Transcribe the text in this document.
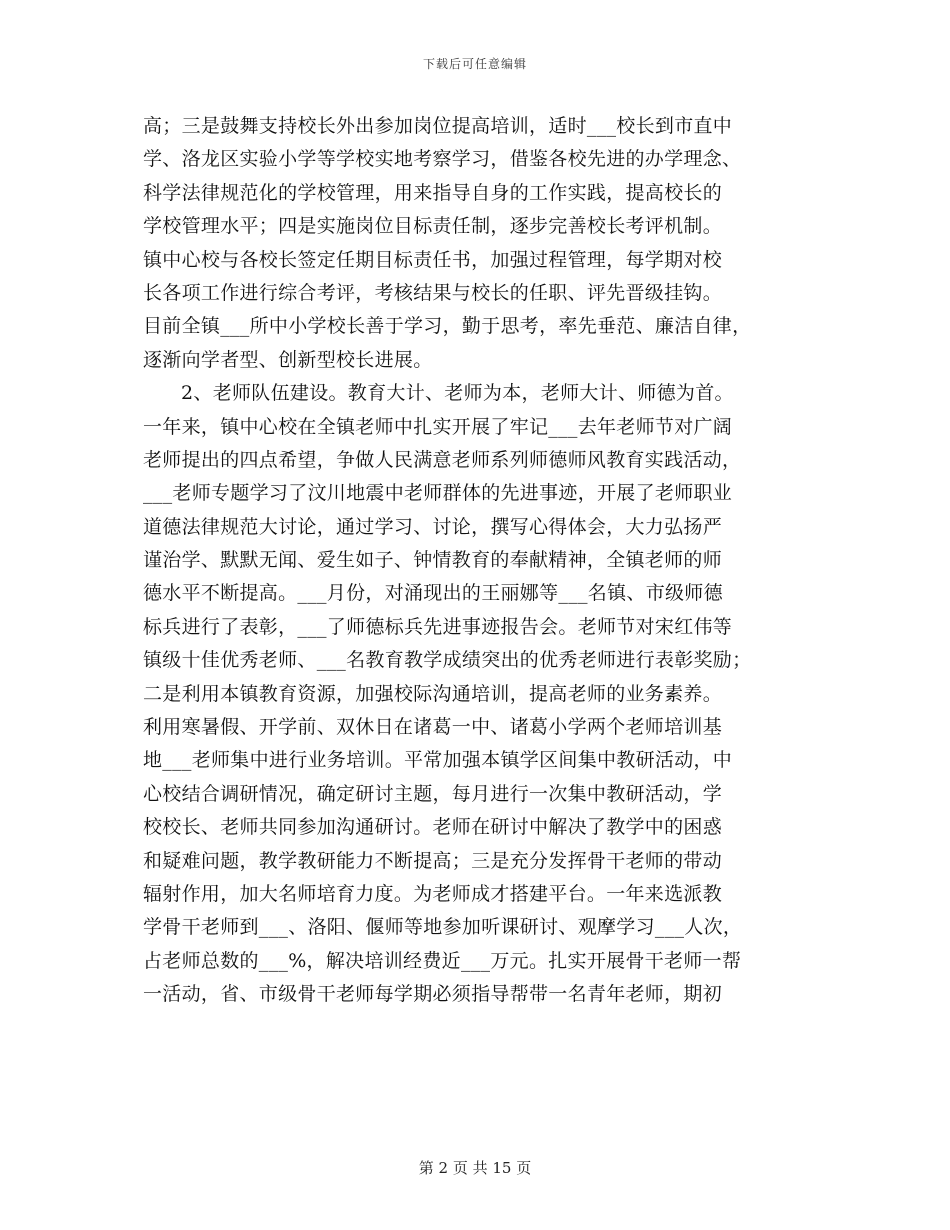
下载后可任意编辑
高；三是鼓舞支持校长外出参加岗位提高培训，适时___校长到市直中
学、洛龙区实验小学等学校实地考察学习，借鉴各校先进的办学理念、
科学法律规范化的学校管理，用来指导自身的工作实践，提高校长的
学校管理水平；四是实施岗位目标责任制，逐步完善校长考评机制。
镇中心校与各校长签定任期目标责任书，加强过程管理，每学期对校
长各项工作进行综合考评，考核结果与校长的任职、评先晋级挂钩。
目前全镇___所中小学校长善于学习，勤于思考，率先垂范、廉洁自律，
逐渐向学者型、创新型校长进展。
2、老师队伍建设。教育大计、老师为本，老师大计、师德为首。
一年来，镇中心校在全镇老师中扎实开展了牢记___去年老师节对广阔
老师提出的四点希望，争做人民满意老师系列师德师风教育实践活动，
___老师专题学习了汶川地震中老师群体的先进事迹，开展了老师职业
道德法律规范大讨论，通过学习、讨论，撰写心得体会，大力弘扬严
谨治学、默默无闻、爱生如子、钟情教育的奉献精神，全镇老师的师
德水平不断提高。___月份，对涌现出的王丽娜等___名镇、市级师德
标兵进行了表彰，___了师德标兵先进事迹报告会。老师节对宋红伟等
镇级十佳优秀老师、___名教育教学成绩突出的优秀老师进行表彰奖励；
二是利用本镇教育资源，加强校际沟通培训，提高老师的业务素养。
利用寒暑假、开学前、双休日在诸葛一中、诸葛小学两个老师培训基
地___老师集中进行业务培训。平常加强本镇学区间集中教研活动，中
心校结合调研情况，确定研讨主题，每月进行一次集中教研活动，学
校校长、老师共同参加沟通研讨。老师在研讨中解决了教学中的困惑
和疑难问题，教学教研能力不断提高；三是充分发挥骨干老师的带动
辐射作用，加大名师培育力度。为老师成才搭建平台。一年来选派教
学骨干老师到___、洛阳、偃师等地参加听课研讨、观摩学习___人次，
占老师总数的___%，解决培训经费近___万元。扎实开展骨干老师一帮
一活动，省、市级骨干老师每学期必须指导帮带一名青年老师，期初
第 2 页 共 15 页
